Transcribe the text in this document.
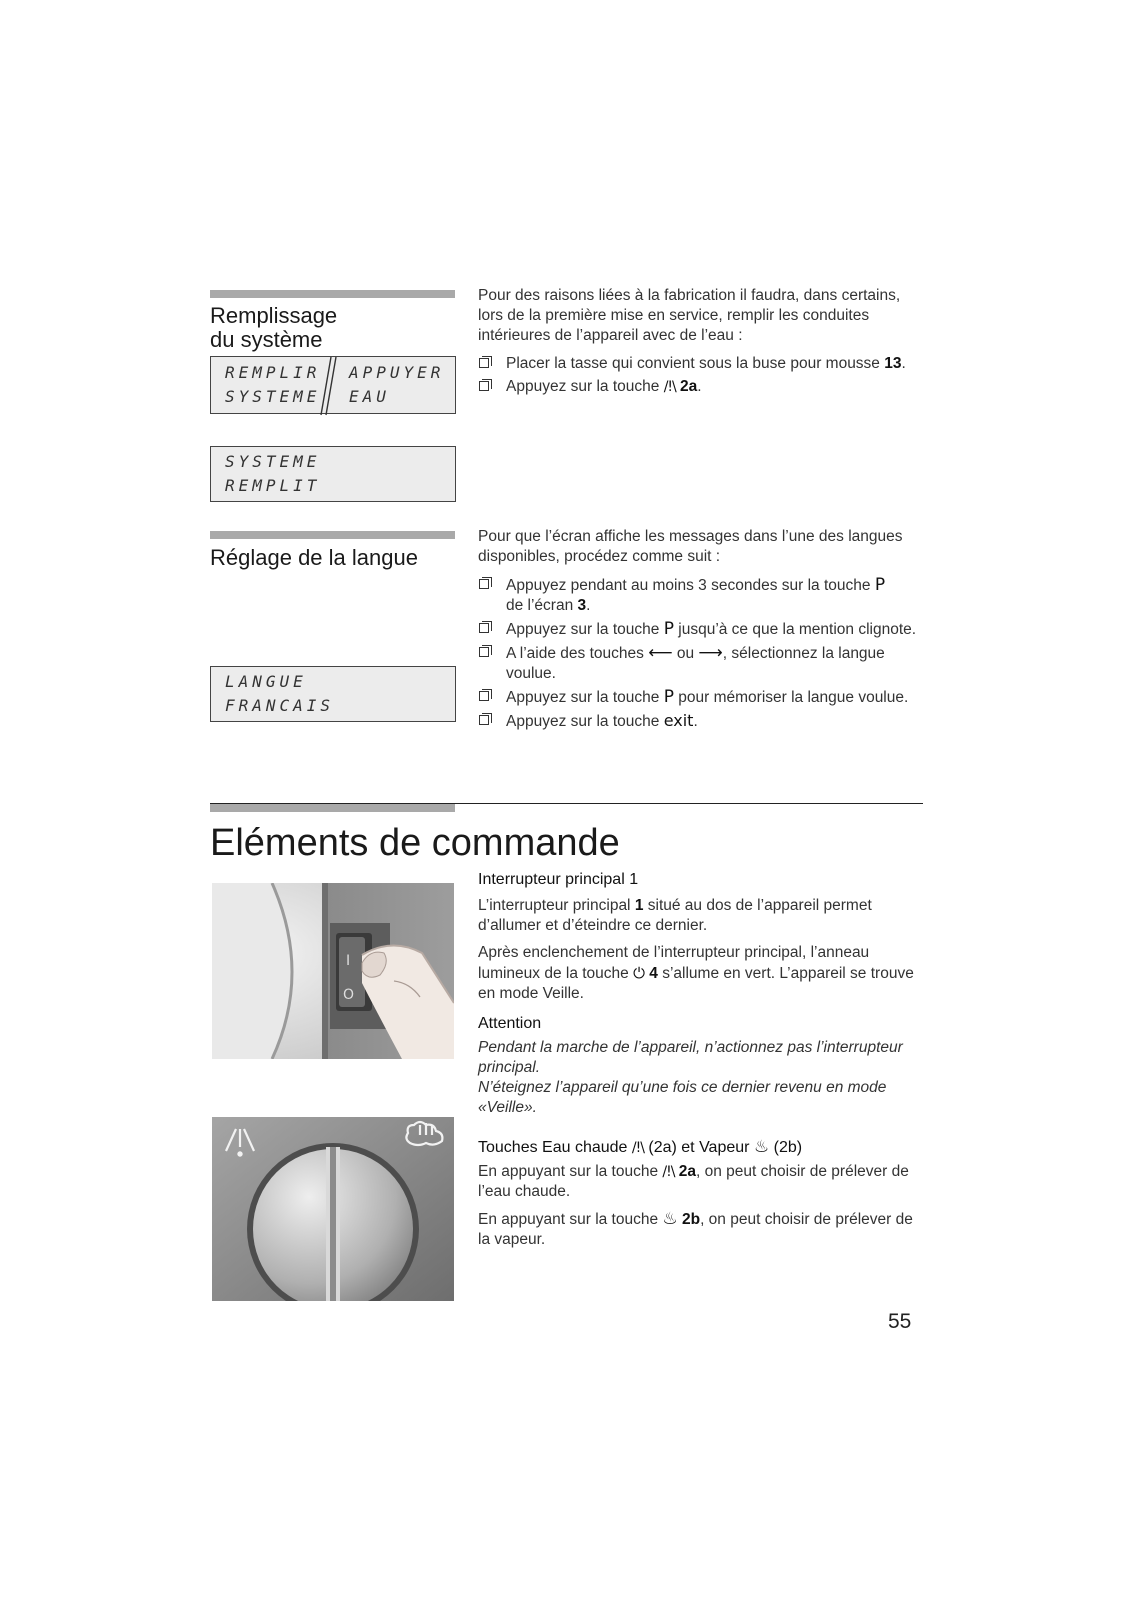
Remplissage
du système
REMPLIR
SYSTEME
APPUYER
EAU
SYSTEME
REMPLIT
Pour des raisons liées à la fabrication il faudra, dans certains, lors de la première mise en service, remplir les conduites intérieures de l’appareil avec de l’eau :
Placer la tasse qui convient sous la buse pour mousse 13.
Appuyez sur la touche /!\ 2a.
Réglage de la langue
LANGUE
FRANCAIS
Pour que l’écran affiche les messages dans l’une des langues disponibles, procédez comme suit :
Appuyez pendant au moins 3 secondes sur la touche P
de l’écran 3.
Appuyez sur la touche P jusqu’à ce que la mention clignote.
A l’aide des touches ⟵ ou ⟶, sélectionnez la langue voulue.
Appuyez sur la touche P pour mémoriser la langue voulue.
Appuyez sur la touche exit.
Eléments de commande
I
O
Interrupteur principal 1
L’interrupteur principal 1 situé au dos de l’appareil permet d’allumer et d’éteindre ce dernier.
Après enclenchement de l’interrupteur principal, l’anneau lumineux de la touche ⏻ 4 s’allume en vert. L’appareil se trouve en mode Veille.
Attention
Pendant la marche de l’appareil, n’actionnez pas l’interrupteur principal.
N’éteignez l’appareil qu’une fois ce dernier revenu en mode «Veille».
Touches Eau chaude /!\ (2a) et Vapeur ♨ (2b)
En appuyant sur la touche /!\ 2a, on peut choisir de prélever de l’eau chaude.
En appuyant sur la touche ♨ 2b, on peut choisir de prélever de la vapeur.
55
